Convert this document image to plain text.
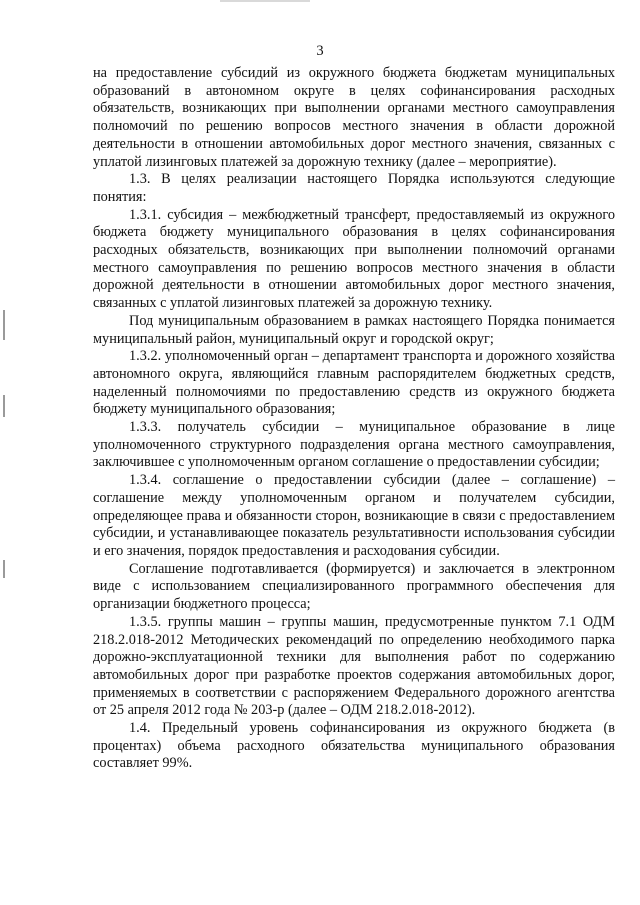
3

на предоставление субсидий из окружного бюджета бюджетам муниципальных образований в автономном округе в целях софинансирования расходных обязательств, возникающих при выполнении органами местного самоуправления полномочий по решению вопросов местного значения в области дорожной деятельности в отношении автомобильных дорог местного значения, связанных с уплатой лизинговых платежей за дорожную технику (далее – мероприятие).

1.3. В целях реализации настоящего Порядка используются следующие понятия:

1.3.1. субсидия – межбюджетный трансферт, предоставляемый из окружного бюджета бюджету муниципального образования в целях софинансирования расходных обязательств, возникающих при выполнении полномочий органами местного самоуправления по решению вопросов местного значения в области дорожной деятельности в отношении автомобильных дорог местного значения, связанных с уплатой лизинговых платежей за дорожную технику.

Под муниципальным образованием в рамках настоящего Порядка понимается муниципальный район, муниципальный округ и городской округ;

1.3.2. уполномоченный орган – департамент транспорта и дорожного хозяйства автономного округа, являющийся главным распорядителем бюджетных средств, наделенный полномочиями по предоставлению средств из окружного бюджета бюджету муниципального образования;

1.3.3. получатель субсидии – муниципальное образование в лице уполномоченного структурного подразделения органа местного самоуправления, заключившее с уполномоченным органом соглашение о предоставлении субсидии;

1.3.4. соглашение о предоставлении субсидии (далее – соглашение) – соглашение между уполномоченным органом и получателем субсидии, определяющее права и обязанности сторон, возникающие в связи с предоставлением субсидии, и устанавливающее показатель результативности использования субсидии и его значения, порядок предоставления и расходования субсидии.

Соглашение подготавливается (формируется) и заключается в электронном виде с использованием специализированного программного обеспечения для организации бюджетного процесса;

1.3.5. группы машин – группы машин, предусмотренные пунктом 7.1 ОДМ 218.2.018-2012 Методических рекомендаций по определению необходимого парка дорожно-эксплуатационной техники для выполнения работ по содержанию автомобильных дорог при разработке проектов содержания автомобильных дорог, применяемых в соответствии с распоряжением Федерального дорожного агентства от 25 апреля 2012 года № 203-р (далее – ОДМ 218.2.018-2012).

1.4. Предельный уровень софинансирования из окружного бюджета (в процентах) объема расходного обязательства муниципального образования составляет 99%.
